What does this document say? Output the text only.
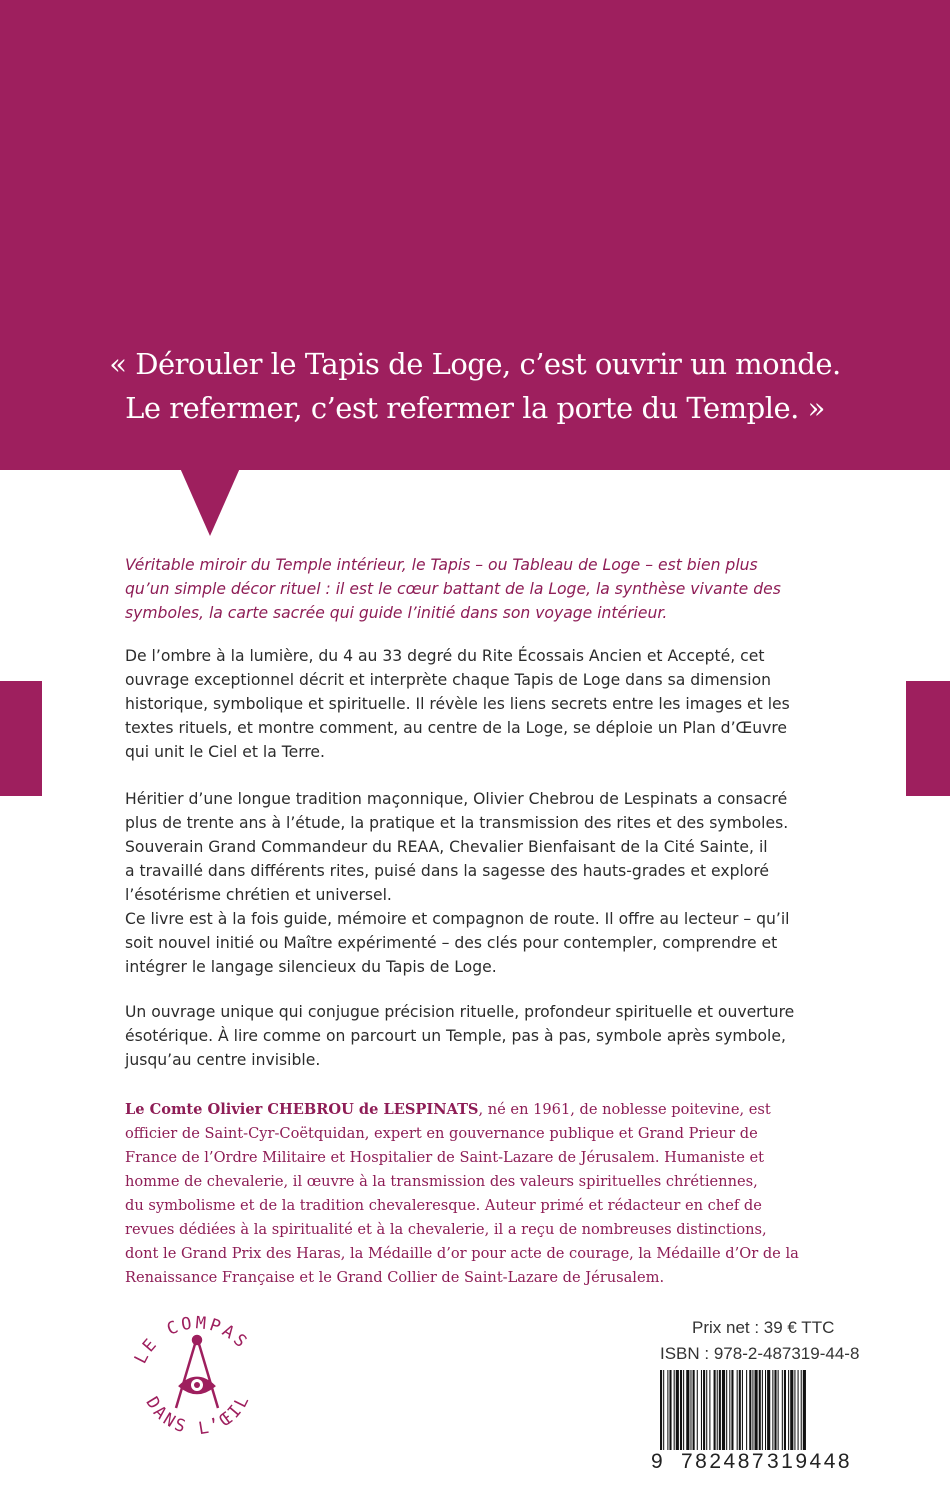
« Dérouler le Tapis de Loge, c’est ouvrir un monde.
Le refermer, c’est refermer la porte du Temple. »
Véritable miroir du Temple intérieur, le Tapis – ou Tableau de Loge – est bien plus
qu’un simple décor rituel : il est le cœur battant de la Loge, la synthèse vivante des
symboles, la carte sacrée qui guide l’initié dans son voyage intérieur.
De l’ombre à la lumière, du 4 au 33 degré du Rite Écossais Ancien et Accepté, cet
ouvrage exceptionnel décrit et interprète chaque Tapis de Loge dans sa dimension
historique, symbolique et spirituelle. Il révèle les liens secrets entre les images et les
textes rituels, et montre comment, au centre de la Loge, se déploie un Plan d’Œuvre
qui unit le Ciel et la Terre.
Héritier d’une longue tradition maçonnique, Olivier Chebrou de Lespinats a consacré
plus de trente ans à l’étude, la pratique et la transmission des rites et des symboles.
Souverain Grand Commandeur du REAA, Chevalier Bienfaisant de la Cité Sainte, il
a travaillé dans différents rites, puisé dans la sagesse des hauts-grades et exploré
l’ésotérisme chrétien et universel.
Ce livre est à la fois guide, mémoire et compagnon de route. Il offre au lecteur – qu’il
soit nouvel initié ou Maître expérimenté – des clés pour contempler, comprendre et
intégrer le langage silencieux du Tapis de Loge.
Un ouvrage unique qui conjugue précision rituelle, profondeur spirituelle et ouverture
ésotérique. À lire comme on parcourt un Temple, pas à pas, symbole après symbole,
jusqu’au centre invisible.
Le Comte Olivier CHEBROU de LESPINATS, né en 1961, de noblesse poitevine, est
officier de Saint-Cyr-Coëtquidan, expert en gouvernance publique et Grand Prieur de
France de l’Ordre Militaire et Hospitalier de Saint-Lazare de Jérusalem. Humaniste et
homme de chevalerie, il œuvre à la transmission des valeurs spirituelles chrétiennes,
du symbolisme et de la tradition chevaleresque. Auteur primé et rédacteur en chef de
revues dédiées à la spiritualité et à la chevalerie, il a reçu de nombreuses distinctions,
dont le Grand Prix des Haras, la Médaille d’or pour acte de courage, la Médaille d’Or de la
Renaissance Française et le Grand Collier de Saint-Lazare de Jérusalem.
LE COMPAS
DANS L’ŒIL
Prix net : 39 € TTC
ISBN : 978-2-487319-44-8
9 782487 319448
